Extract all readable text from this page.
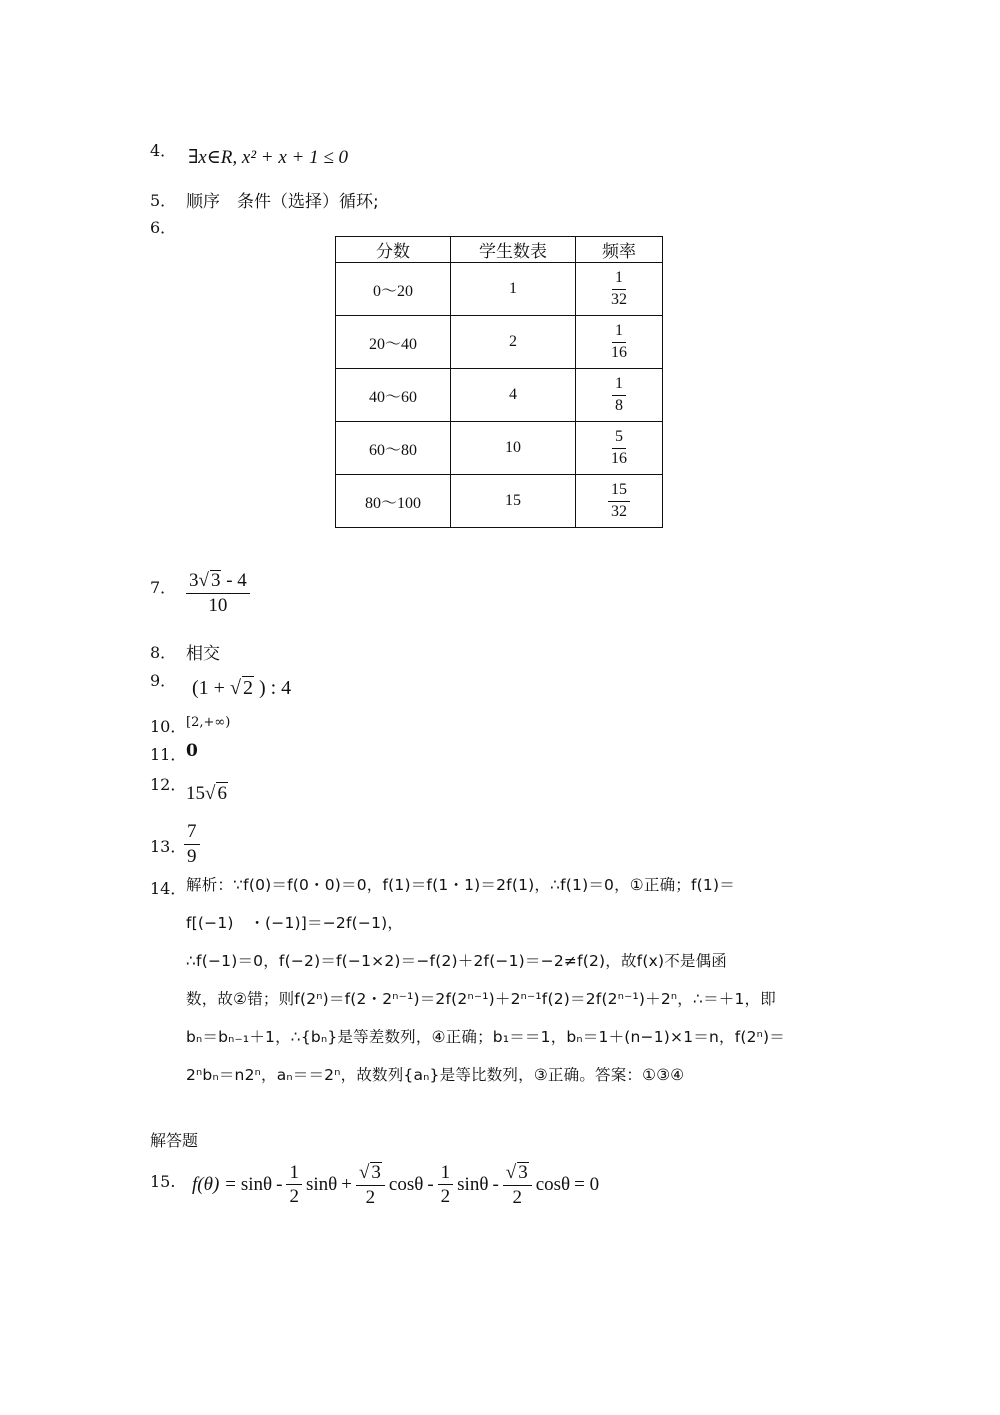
4． ∃x∈R, x² + x + 1 ≤ 0
5． 顺序　条件（选择）循环;
6．
分数	学生数表	频率
0～20	1	$\frac{1}{32}$

20～40	2	$\frac{1}{16}$

40～60	4	$\frac{1}{8}$

60～80	10	$\frac{5}{16}$

80～100	15	$\frac{15}{32}$
7． $\frac{3√ 3 - 4}{10}$
8． 相交
9． (1 + √ 2 ) : 4
10． [2,+∞)
11． 0
12． 15√ 6
13．
$\frac{7}{9}$
14． 解析：∵f(0)＝f(0・0)＝0，f(1)＝f(1・1)＝2f(1)，∴f(1)＝0，①正确；f(1)＝
f[(−1)　・(−1)]＝−2f(−1)，
∴f(−1)＝0，f(−2)＝f(−1×2)＝−f(2)＋2f(−1)＝−2≠f(2)，故f(x)不是偶函
数，故②错；则f(2ⁿ)＝f(2・2ⁿ⁻¹)＝2f(2ⁿ⁻¹)＋2ⁿ⁻¹f(2)＝2f(2ⁿ⁻¹)＋2ⁿ，∴＝＋1，即
bₙ＝bₙ₋₁＋1，∴{bₙ}是等差数列，④正确；b₁＝＝1，bₙ＝1＋(n−1)×1＝n，f(2ⁿ)＝
2ⁿbₙ＝n2ⁿ，aₙ＝＝2ⁿ，故数列{aₙ}是等比数列，③正确。答案：①③④
解答题
15. $f(\theta) = \sin\theta - \frac{1}{2}$ $\sin\theta + \frac{√ 3}{2}$ cosθ - $\frac{1}{2}$ sinθ - $\frac{√ 3}{2}$ cosθ = 0
